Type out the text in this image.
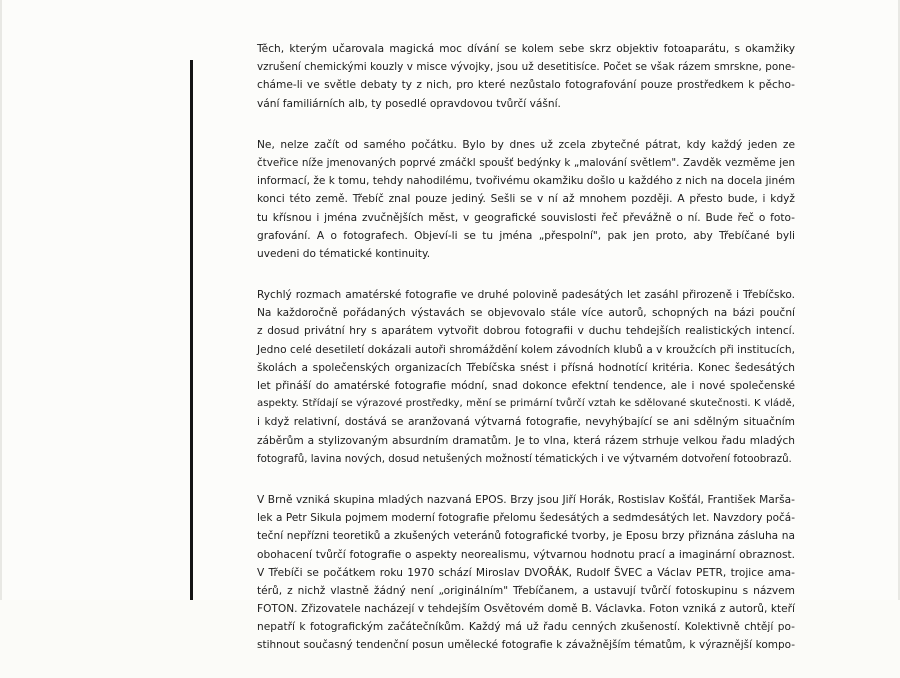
Těch, kterým učarovala magická moc dívání se kolem sebe skrz objektiv fotoaparátu, s okamžiky
vzrušení chemickými kouzly v misce vývojky, jsou už desetitisíce. Počet se však rázem smrskne, pone-
cháme-li ve světle debaty ty z nich, pro které nezůstalo fotografování pouze prostředkem k pěcho-
vání familiárních alb, ty posedlé opravdovou tvůrčí vášní.
Ne, nelze začít od samého počátku. Bylo by dnes už zcela zbytečné pátrat, kdy každý jeden ze
čtveřice níže jmenovaných poprvé zmáčkl spoušť bedýnky k „malování světlem". Zavděk vezměme jen
informací, že k tomu, tehdy nahodilému, tvořivému okamžiku došlo u každého z nich na docela jiném
konci této země. Třebíč znal pouze jediný. Sešli se v ní až mnohem později. A přesto bude, i když
tu křísnou i jména zvučnějších měst, v geografické souvislosti řeč převážně o ní. Bude řeč o foto-
grafování. A o fotografech. Objeví-li se tu jména „přespolní", pak jen proto, aby Třebíčané byli
uvedeni do tématické kontinuity.
Rychlý rozmach amatérské fotografie ve druhé polovině padesátých let zasáhl přirozeně i Třebíčsko.
Na každoročně pořádaných výstavách se objevovalo stále více autorů, schopných na bázi pouční
z dosud privátní hry s aparátem vytvořit dobrou fotografii v duchu tehdejších realistických intencí.
Jedno celé desetiletí dokázali autoři shromáždění kolem závodních klubů a v kroužcích při institucích,
školách a společenských organizacích Třebíčska snést i přísná hodnotící kritéria. Konec šedesátých
let přináší do amatérské fotografie módní, snad dokonce efektní tendence, ale i nové společenské
aspekty. Střídají se výrazové prostředky, mění se primární tvůrčí vztah ke sdělované skutečnosti. K vládě,
i když relativní, dostává se aranžovaná výtvarná fotografie, nevyhýbající se ani sdělným situačním
záběrům a stylizovaným absurdním dramatům. Je to vlna, která rázem strhuje velkou řadu mladých
fotografů, lavina nových, dosud netušených možností tématických i ve výtvarném dotvoření fotoobrazů.
V Brně vzniká skupina mladých nazvaná EPOS. Brzy jsou Jiří Horák, Rostislav Košťál, František Marša-
lek a Petr Sikula pojmem moderní fotografie přelomu šedesátých a sedmdesátých let. Navzdory počá-
teční nepřízni teoretiků a zkušených veteránů fotografické tvorby, je Eposu brzy přiznána zásluha na
obohacení tvůrčí fotografie o aspekty neorealismu, výtvarnou hodnotu prací a imaginární obraznost.
V Třebíči se počátkem roku 1970 schází Miroslav DVOŘÁK, Rudolf ŠVEC a Václav PETR, trojice ama-
térů, z nichž vlastně žádný není „originálním" Třebíčanem, a ustavují tvůrčí fotoskupinu s názvem
FOTON. Zřizovatele nacházejí v tehdejším Osvětovém domě B. Václavka. Foton vzniká z autorů, kteří
nepatří k fotografickým začátečníkům. Každý má už řadu cenných zkušeností. Kolektivně chtějí po-
stihnout současný tendenční posun umělecké fotografie k závažnějším tématům, k výraznější kompo-
